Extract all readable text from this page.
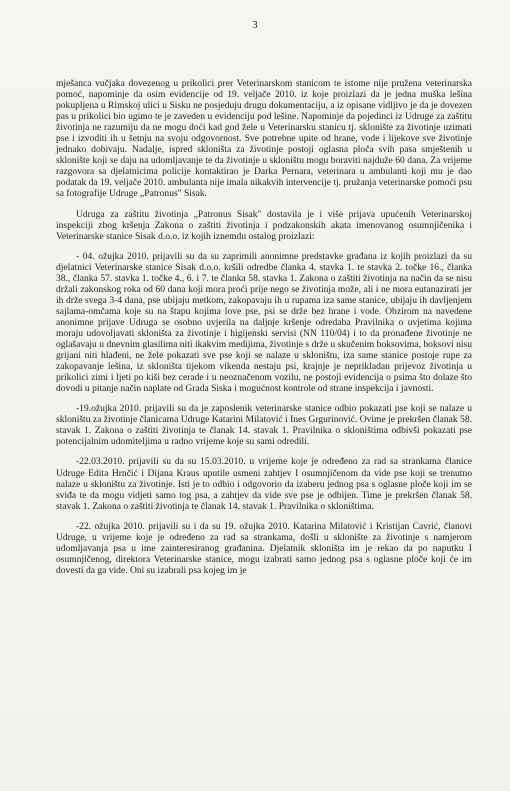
3

mješanca vučjaka dovezenog u prikolici prer Veterinarskom stanicom te istome nije pružena veterinarska pomoć, napominje da osim evidencije od 19. veljače 2010. iz koje proizlazi da je jedna muška lešina pokupljena u Rimskoj ulici u Sisku ne posjeduju drugu dokumentaciju, a iz opisane vidljivo je da je dovezen pas u prikolici bio ugimo te je zaveden u evidenciju pod lešine. Napominje da pojedinci iz Udruge za zaštitu životinja ne razumiju da ne mogu doći kad god žele u Veterinarsku stanicu tj. sklonište za životinje uzimati pse i izvoditi ih u šetnju na svoju odgovornost. Sve potrebne upite od hrane, vode i lijekove sve životinje jednako dobivaju. Nadalje, ispred skloništa za životinje postoji oglasna ploča svih pasa smještenih u sklonište koji se daju na udomljavanje te da životinje u skloništu mogu boraviti najduže 60 dana. Za vrijeme razgovora sa djelatnicima policije kontaktirao je Darka Pernara, veterinara u ambulanti koji mu je dao podatak da 19. veljače 2010. ambulanta nije imala nikakvih intervencije tj. pružanja veterinarske pomoći psu sa fotografije Udruge „Patronus" Sisak.

Udruga za zaštitu životinja „Patronus Sisak" dostavila je i više prijava upućenih Veterinarskoj inspekciji zbog kršenja Zakona o zaštiti životinja i podzakonskih akata imenovanog osumnjičenika i Veterinarske stanice Sisak d.o.o. iz kojih iznemdu ostalog proizlazi:

- 04. ožujka 2010. prijavili su da su zaprimili anonimne predstavke građana iz kojih proizlazi da su djelatnici Veterinarske stanice Sisak d.o.o. kršili odredbe članka 4. stavka 1. te stavka 2. točke 16., članka 38., članka 57. stavka 1. točke 4., 6. i 7. te članka 58. stavka 1. Zakona o zaštiti životinja na način da se nisu držali zakonskog roka od 60 dana koji mora proći prije nego se životinja može, ali i ne mora eutanazirati jer ih drže svega 3-4 dana, pse ubijaju metkom, zakopavaju ih u rupama iza same stanice, ubijaju ih davljenjem sajlama-omčama koje su na štapu kojima love pse, psi se drže bez hrane i vode. Obzirom na navedene anonimne prijave Udruga se osobno uvjerila na daljnje kršenje odredaba Pravilnika o uvjetima kojima moraju udovoljavati skloništa za životinje i higijenski servisi (NN 110/04) i to da pronađene životinje ne oglašavaju u dnevnim glasilima niti ikakvim medijima, životinje s drže u skučenim boksovima, boksovi nisu grijani niti hlađeni, ne žele pokazati sve pse koji se nalaze u skloništu, iza same stanice postoje rupe za zakopavanje lešina, iz skloništa tijekom vikenda nestaju psi, krajnje je neprikladan prijevoz životinja u prikolici zimi i ljeti po kiši bez cerade i u neoznačenom vozilu, ne postoji evidencija o psima što dolaze što dovodi u pitanje način naplate od Grada Siska i mogućnost kontrole od strane inspekcija i javnosti.

-19.ožujka 2010. prijavili su da je zaposlenik veterinarske stanice odbio pokazati pse koji se nalaze u skloništu za životinje članicama Udruge Katarini Milatović i Ines Grgurinović. Ovime je prekršen članak 58. stavak 1. Zakona o zaštiti životinja te članak 14. stavak 1. Pravilnika o skloništima odbivši pokazati pse potencijalnim udomiteljima u radno vrijeme koje su sami odredili.

-22.03.2010. prijavili su da su 15.03.2010. u vrijeme koje je određeno za rad sa strankama članice Udruge Edita Hrnčić i Dijana Kraus uputile usmeni zahtjev I osumnjičenom da vide pse koji se trenutno nalaze u skloništu za životinje. Isti je to odbio i odgovorio da izaberu jednog psa s oglasne ploče koji im se sviđa te da mogu vidjeti samo tog psa, a zahtjev da vide sve pse je odbijen. Time je prekršen članak 58. stavak 1. Zakona o zaštiti životinja te članak 14. stavak 1. Pravilnika o skloništima.

-22. ožujka 2010. prijavili su i da su 19. ožujka 2010. Katarina Milatović i Kristijan Cavrić, članovi Udruge, u vrijeme koje je određeno za rad sa strankama, došli u sklonište za životinje s namjerom udomljavanja psa u ime zainteresiranog građanina. Djelatnik skloništa im je rekao da po naputku I osumnjičenog, direktora Veterinarske stanice, mogu izabrati samo jednog psa s oglasne ploče koji će im dovesti da ga vide. Oni su izabrali psa kojeg im je
